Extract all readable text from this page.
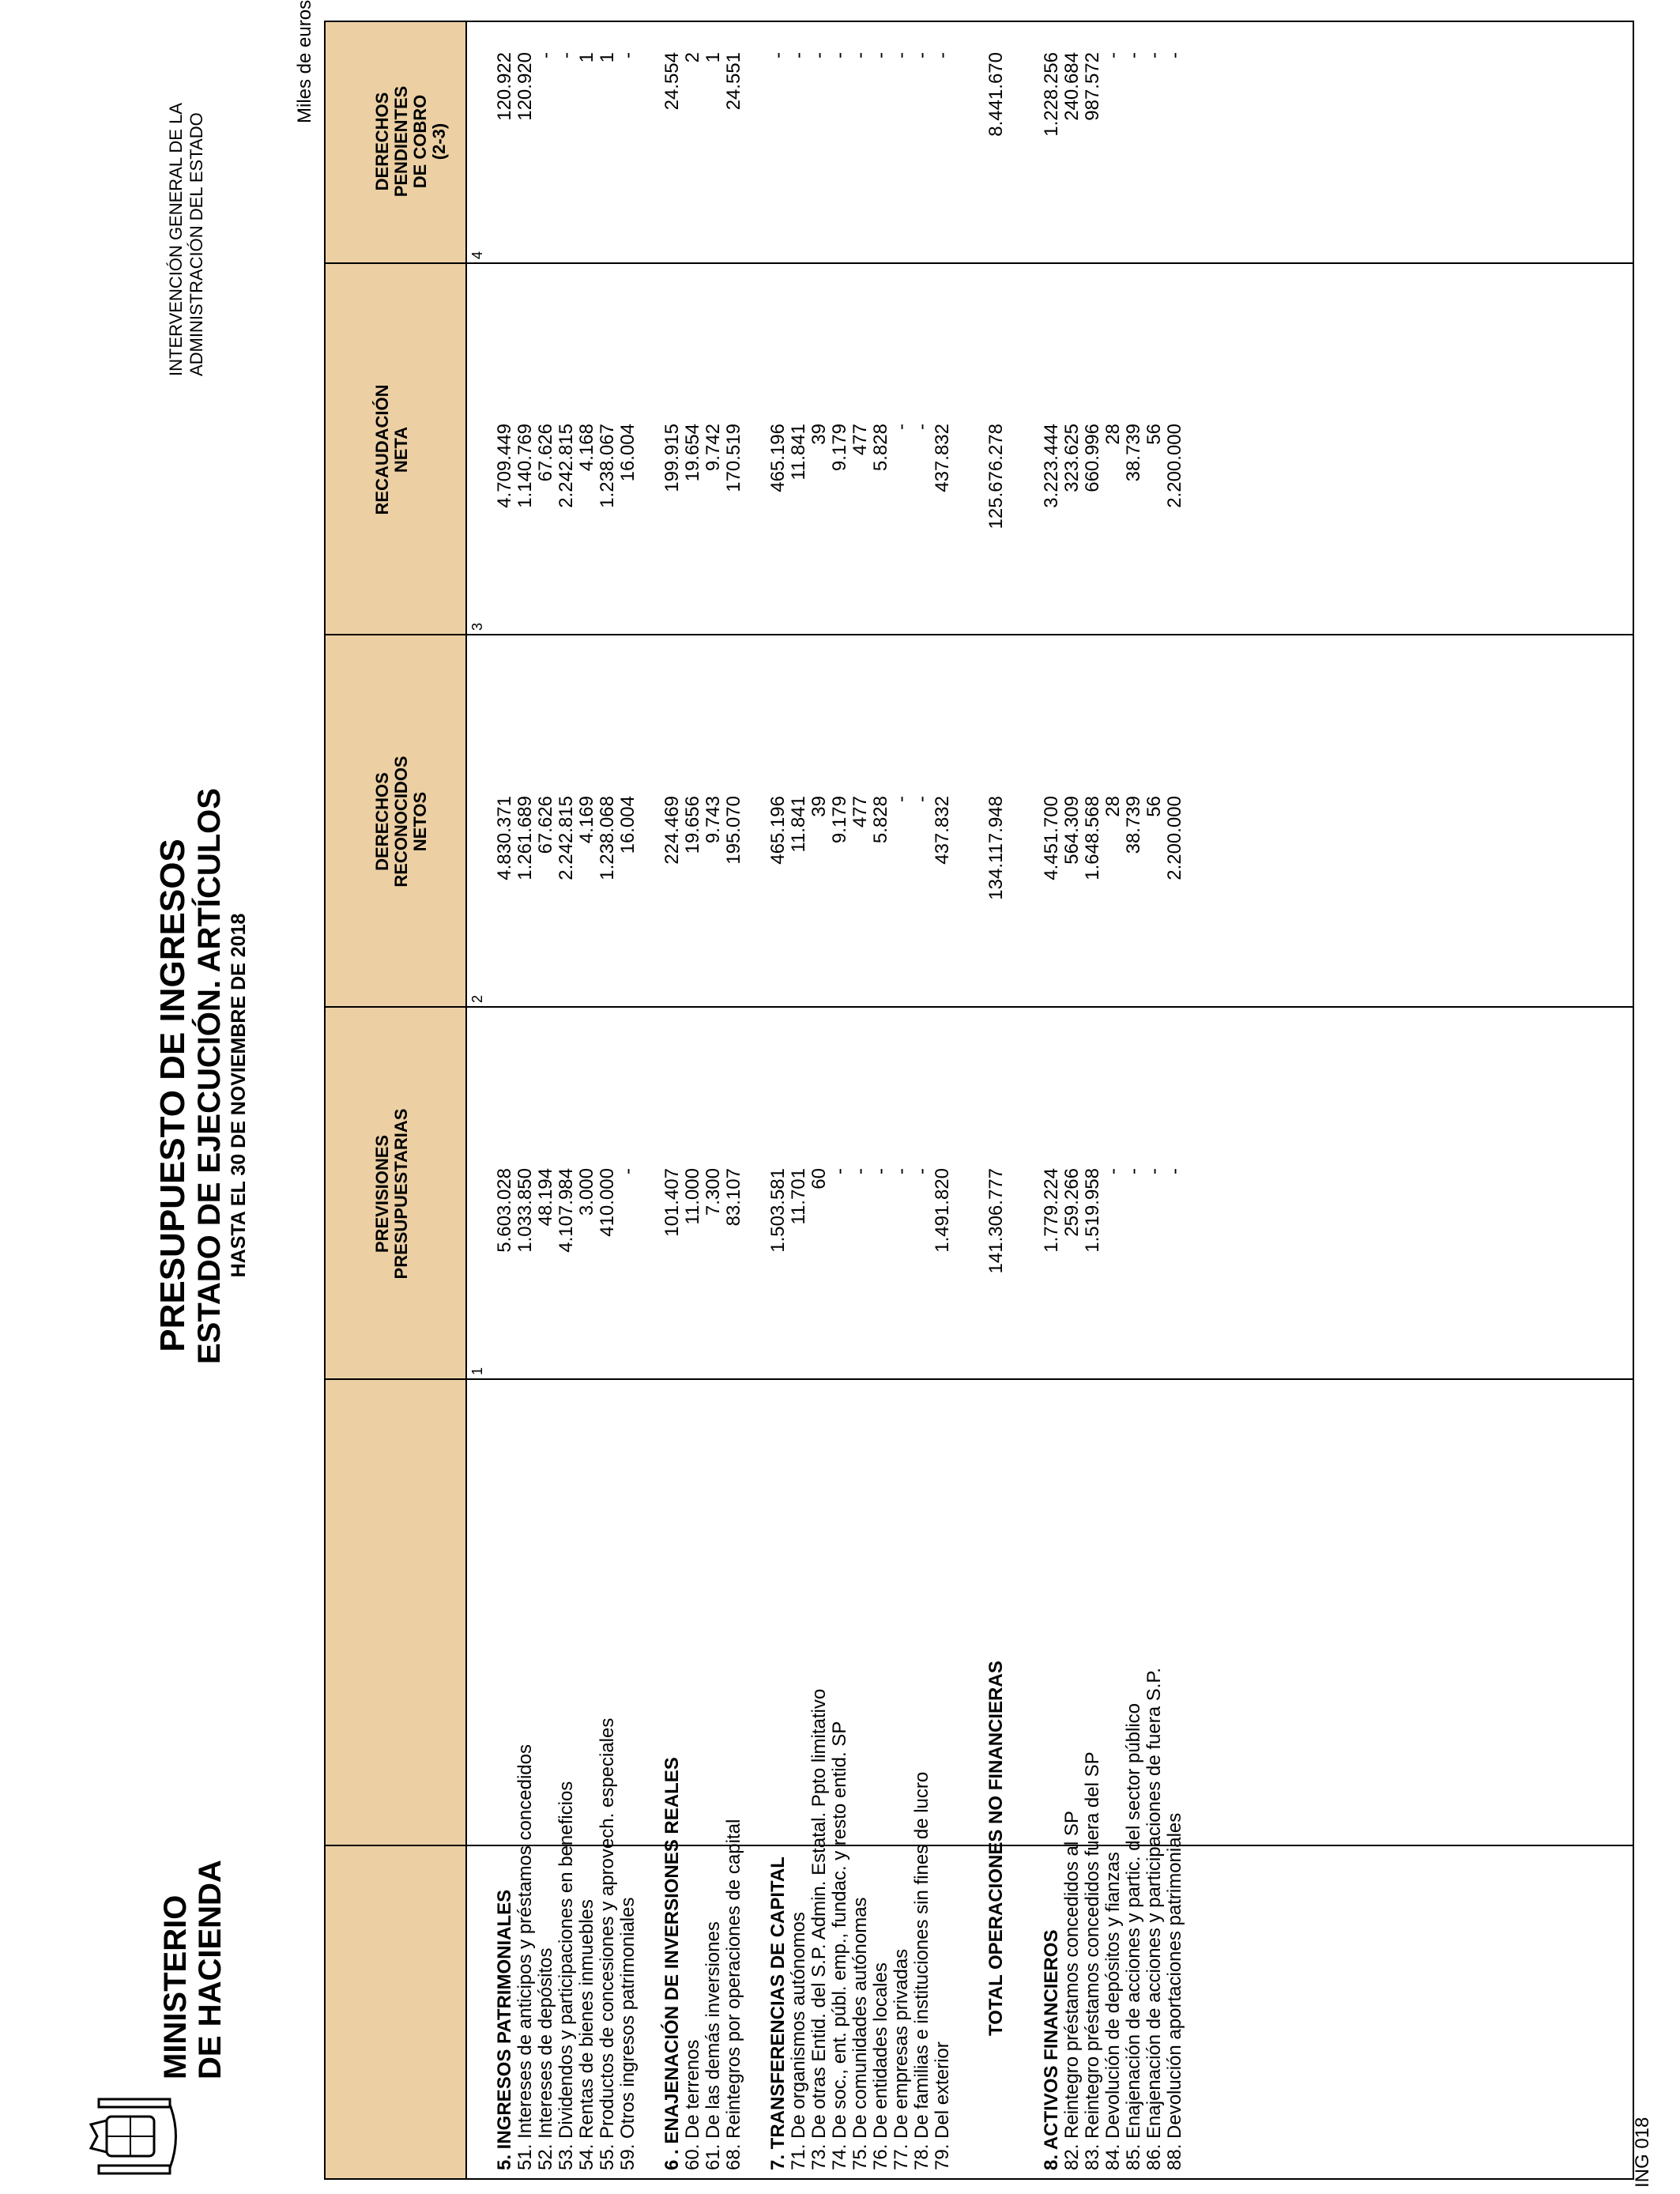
MINISTERIO DE HACIENDA
PRESUPUESTO DE INGRESOS ESTADO DE EJECUCIÓN. ARTÍCULOS HASTA EL 30 DE NOVIEMBRE DE 2018
INTERVENCIÓN GENERAL DE LA ADMINISTRACIÓN DEL ESTADO
Miles de euros
PREVISIONES PRESUPUESTARIAS
1
DERECHOS RECONOCIDOS NETOS
2
RECAUDACIÓN NETA
3
DERECHOS PENDIENTES DE COBRO (2-3)
4
5. INGRESOS PATRIMONIALES
5.603.028
4.830.371
4.709.449
120.922
51. Intereses de anticipos y préstamos concedidos
1.033.850
1.261.689
1.140.769
120.920
52. Intereses de depósitos
48.194
67.626
67.626
-
53. Dividendos y participaciones en beneficios
4.107.984
2.242.815
2.242.815
-
54. Rentas de bienes inmuebles
3.000
4.169
4.168
1
55. Productos de concesiones y aprovech. especiales
410.000
1.238.068
1.238.067
1
59. Otros ingresos patrimoniales
-
16.004
16.004
-
6 . ENAJENACIÓN DE INVERSIONES REALES
101.407
224.469
199.915
24.554
60. De terrenos
11.000
19.656
19.654
2
61. De las demás inversiones
7.300
9.743
9.742
1
68. Reintegros por operaciones de capital
83.107
195.070
170.519
24.551
7. TRANSFERENCIAS DE CAPITAL
1.503.581
465.196
465.196
-
71. De organismos autónomos
11.701
11.841
11.841
-
73. De otras Entid. del S.P. Admin. Estatal. Ppto limitativo
60
39
39
-
74. De soc., ent. públ. emp., fundac. y resto entid. SP
-
9.179
9.179
-
75. De comunidades autónomas
-
477
477
-
76. De entidades locales
-
5.828
5.828
-
77. De empresas privadas
-
-
-
-
78. De familias e instituciones sin fines de lucro
-
-
-
-
79. Del exterior
1.491.820
437.832
437.832
-
TOTAL OPERACIONES NO FINANCIERAS
141.306.777
134.117.948
125.676.278
8.441.670
8. ACTIVOS FINANCIEROS
1.779.224
4.451.700
3.223.444
1.228.256
82. Reintegro préstamos concedidos al SP
259.266
564.309
323.625
240.684
83. Reintegro préstamos concedidos fuera del SP
1.519.958
1.648.568
660.996
987.572
84. Devolución de depósitos y fianzas
-
28
28
-
85. Enajenación de acciones y partic. del sector público
-
38.739
38.739
-
86. Enajenación de acciones y participaciones de fuera S.P.
-
56
56
-
88. Devolución aportaciones patrimoniales
-
2.200.000
2.200.000
-
ING 018
